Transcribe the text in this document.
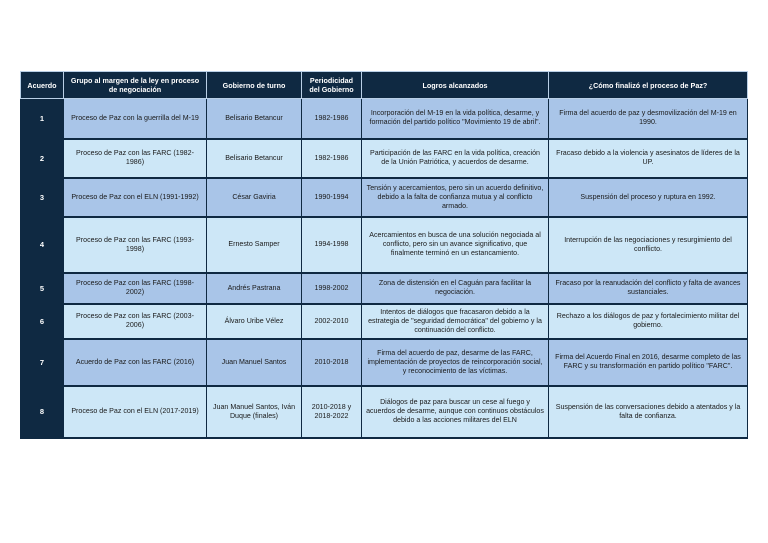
Acuerdo	Grupo al margen de la ley en proceso de negociación	Gobierno de turno	Periodicidad del Gobierno	Logros alcanzados	¿Cómo finalizó el proceso de Paz?
1	Proceso de Paz con la guerrilla del M-19	Belisario Betancur	1982-1986	Incorporación del M-19 en la vida política, desarme, y formación del partido político "Movimiento 19 de abril".	Firma del acuerdo de paz y desmovilización del M-19 en 1990.
2	Proceso de Paz con las FARC (1982-1986)	Belisario Betancur	1982-1986	Participación de las FARC en la vida política, creación de la Unión Patriótica, y acuerdos de desarme.	Fracaso debido a la violencia y asesinatos de líderes de la UP.
3	Proceso de Paz con el ELN (1991-1992)	César Gaviria	1990-1994	Tensión y acercamientos, pero sin un acuerdo definitivo, debido a la falta de confianza mutua y al conflicto armado.	Suspensión del proceso y ruptura en 1992.
4	Proceso de Paz con las FARC (1993-1998)	Ernesto Samper	1994-1998	Acercamientos en busca de una solución negociada al conflicto, pero sin un avance significativo, que finalmente terminó en un estancamiento.	Interrupción de las negociaciones y resurgimiento del conflicto.
5	Proceso de Paz con las FARC (1998-2002)	Andrés Pastrana	1998-2002	Zona de distensión en el Caguán para facilitar la negociación.	Fracaso por la reanudación del conflicto y falta de avances sustanciales.
6	Proceso de Paz con las FARC (2003-2006)	Álvaro Uribe Vélez	2002-2010	Intentos de diálogos que fracasaron debido a la estrategia de "seguridad democrática" del gobierno y la continuación del conflicto.	Rechazo a los diálogos de paz y fortalecimiento militar del gobierno.
7	Acuerdo de Paz con las FARC (2016)	Juan Manuel Santos	2010-2018	Firma del acuerdo de paz, desarme de las FARC, implementación de proyectos de reincorporación social, y reconocimiento de las víctimas.	Firma del Acuerdo Final en 2016, desarme completo de las FARC y su transformación en partido político "FARC".
8	Proceso de Paz con el ELN (2017-2019)	Juan Manuel Santos, Iván Duque (finales)	2010-2018 y 2018-2022	Diálogos de paz para buscar un cese al fuego y acuerdos de desarme, aunque con continuos obstáculos debido a las acciones militares del ELN	Suspensión de las conversaciones debido a atentados y la falta de confianza.
